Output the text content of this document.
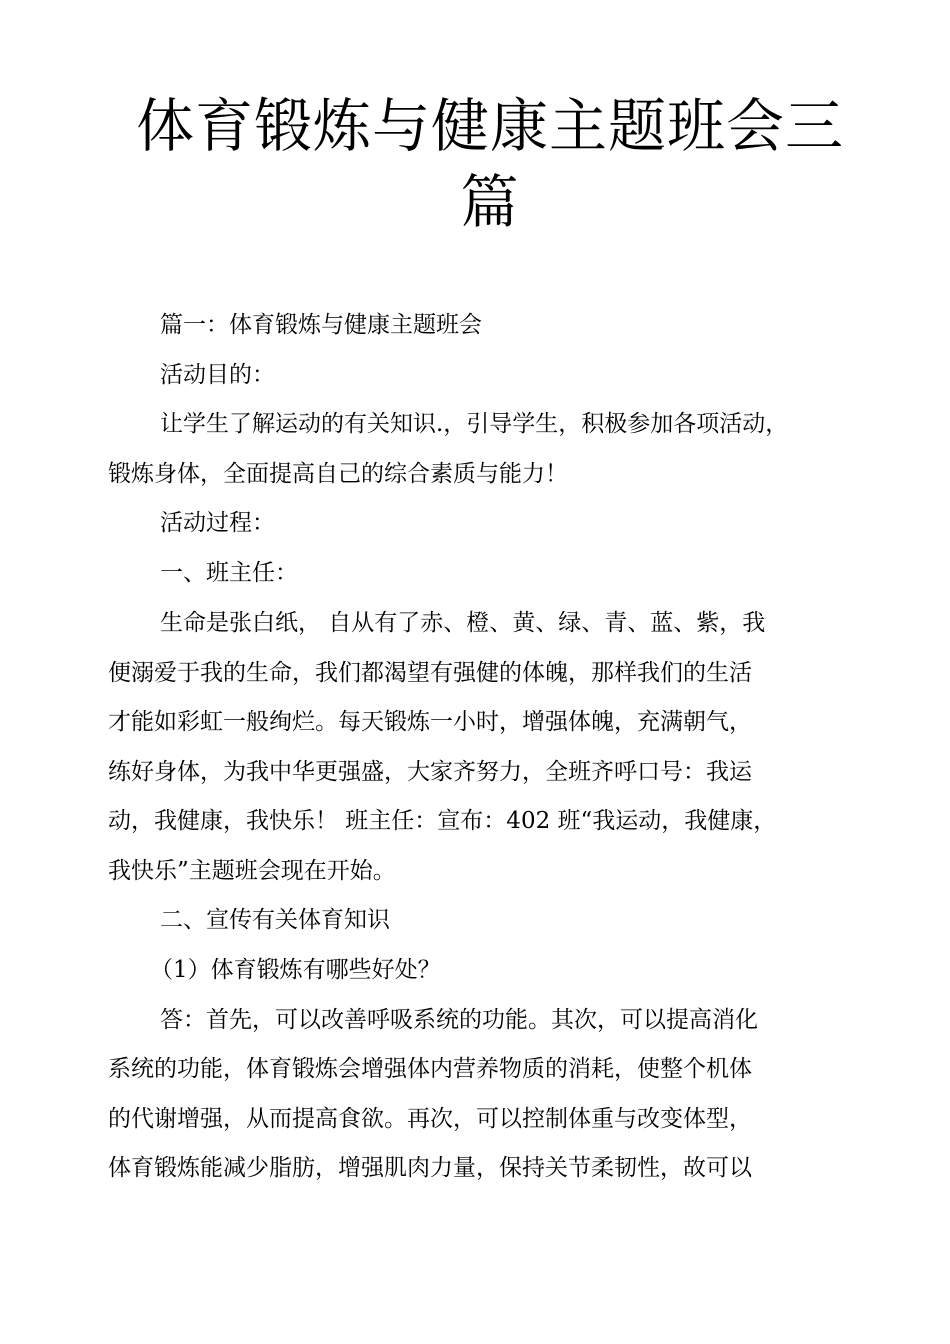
体育锻炼与健康主题班会三
篇
篇一：体育锻炼与健康主题班会
活动目的：
让学生了解运动的有关知识.，引导学生，积极参加各项活动，
锻炼身体，全面提高自己的综合素质与能力！
活动过程：
一、班主任：
生命是张白纸， 自从有了赤、橙、黄、绿、青、蓝、紫，我
便溺爱于我的生命，我们都渴望有强健的体魄，那样我们的生活
才能如彩虹一般绚烂。每天锻炼一小时，增强体魄，充满朝气，
练好身体，为我中华更强盛，大家齐努力，全班齐呼口号：我运
动，我健康，我快乐！ 班主任：宣布：402 班“我运动，我健康，
我快乐”主题班会现在开始。
二、宣传有关体育知识
（1）体育锻炼有哪些好处？
答：首先，可以改善呼吸系统的功能。其次，可以提高消化
系统的功能，体育锻炼会增强体内营养物质的消耗，使整个机体
的代谢增强，从而提高食欲。再次，可以控制体重与改变体型，
体育锻炼能减少脂肪，增强肌肉力量，保持关节柔韧性，故可以
